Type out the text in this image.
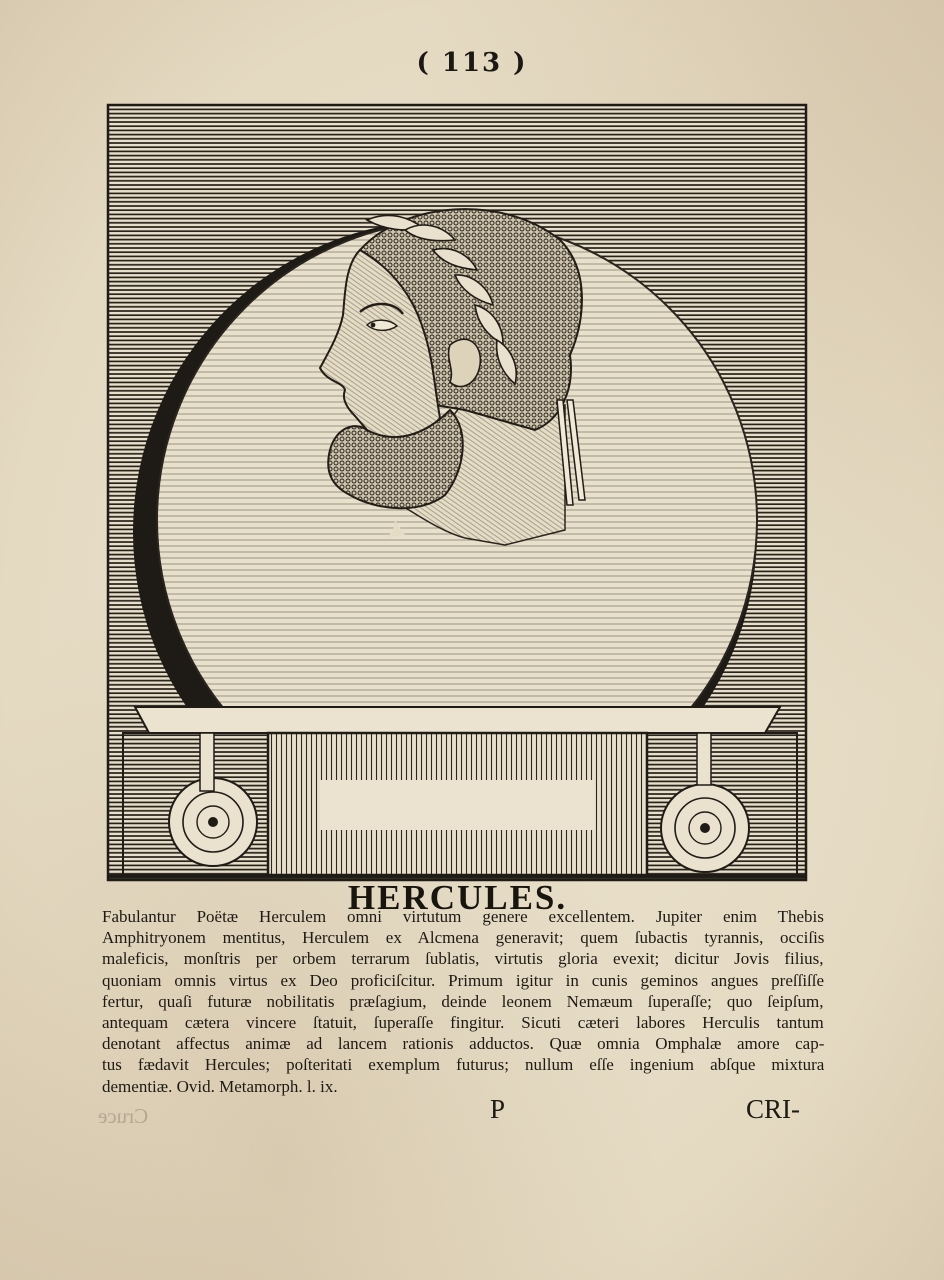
( 113 )
HERCULES.
Fabulantur Poëtæ Herculem omni virtutum genere excellentem. Jupiter enim Thebis
Amphitryonem mentitus, Herculem ex Alcmena generavit; quem ſubactis tyrannis, occiſis
maleficis, monſtris per orbem terrarum ſublatis, virtutis gloria evexit; dicitur Jovis filius,
quoniam omnis virtus ex Deo proficiſcitur. Primum igitur in cunis geminos angues preſſiſſe
fertur, quaſi futuræ nobilitatis præſagium, deinde leonem Nemæum ſuperaſſe; quo ſeipſum,
antequam cætera vincere ſtatuit, ſuperaſſe fingitur. Sicuti cæteri labores Herculis tantum
denotant affectus animæ ad lancem rationis adductos. Quæ omnia Omphalæ amore cap-
tus fædavit Hercules; poſteritati exemplum futurus; nullum eſſe ingenium abſque mixtura
dementiæ. Ovid. Metamorph. l. ix.
Cruce	P	CRI-
